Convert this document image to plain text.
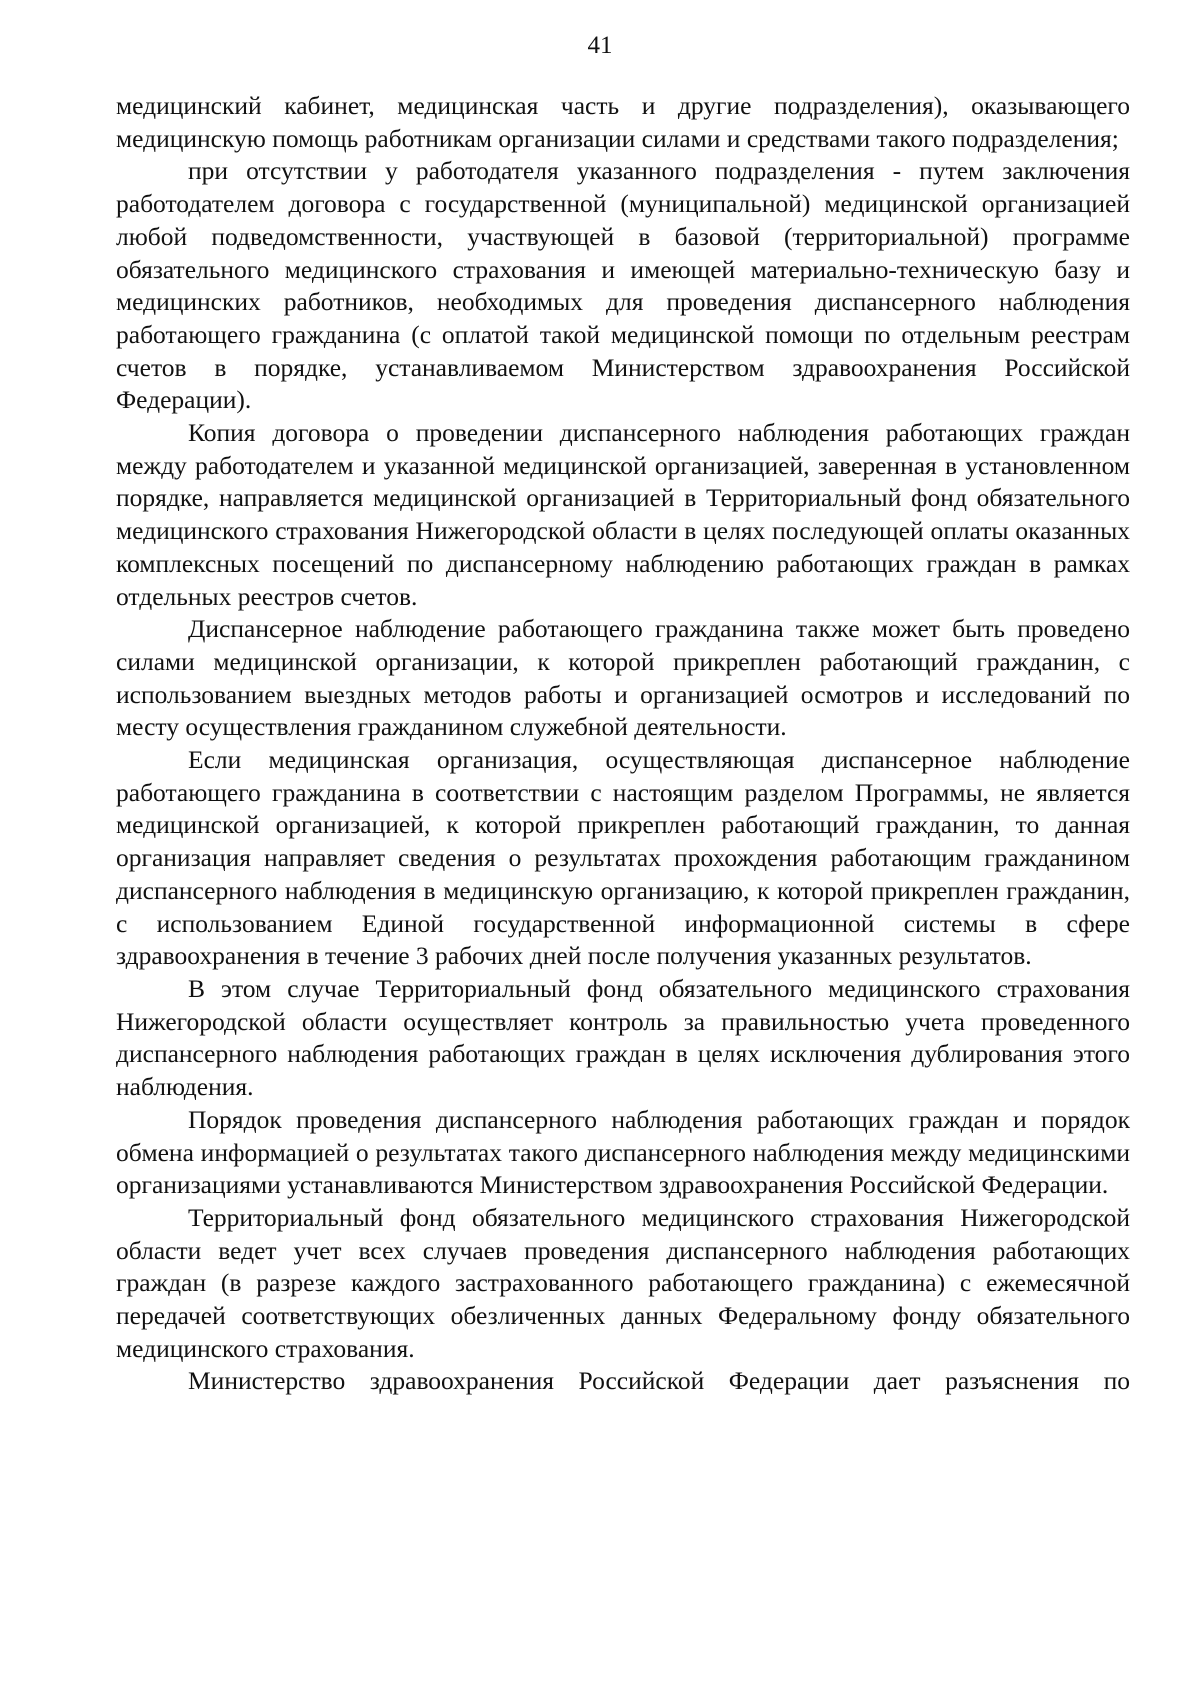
41

медицинский кабинет, медицинская часть и другие подразделения), оказывающего медицинскую помощь работникам организации силами и средствами такого подразделения;

при отсутствии у работодателя указанного подразделения - путем заключения работодателем договора с государственной (муниципальной) медицинской организацией любой подведомственности, участвующей в базовой (территориальной) программе обязательного медицинского страхования и имеющей материально-техническую базу и медицинских работников, необходимых для проведения диспансерного наблюдения работающего гражданина (с оплатой такой медицинской помощи по отдельным реестрам счетов в порядке, устанавливаемом Министерством здравоохранения Российской Федерации).

Копия договора о проведении диспансерного наблюдения работающих граждан между работодателем и указанной медицинской организацией, заверенная в установленном порядке, направляется медицинской организацией в Территориальный фонд обязательного медицинского страхования Нижегородской области в целях последующей оплаты оказанных комплексных посещений по диспансерному наблюдению работающих граждан в рамках отдельных реестров счетов.

Диспансерное наблюдение работающего гражданина также может быть проведено силами медицинской организации, к которой прикреплен работающий гражданин, с использованием выездных методов работы и организацией осмотров и исследований по месту осуществления гражданином служебной деятельности.

Если медицинская организация, осуществляющая диспансерное наблюдение работающего гражданина в соответствии с настоящим разделом Программы, не является медицинской организацией, к которой прикреплен работающий гражданин, то данная организация направляет сведения о результатах прохождения работающим гражданином диспансерного наблюдения в медицинскую организацию, к которой прикреплен гражданин, с использованием Единой государственной информационной системы в сфере здравоохранения в течение 3 рабочих дней после получения указанных результатов.

В этом случае Территориальный фонд обязательного медицинского страхования Нижегородской области осуществляет контроль за правильностью учета проведенного диспансерного наблюдения работающих граждан в целях исключения дублирования этого наблюдения.

Порядок проведения диспансерного наблюдения работающих граждан и порядок обмена информацией о результатах такого диспансерного наблюдения между медицинскими организациями устанавливаются Министерством здравоохранения Российской Федерации.

Территориальный фонд обязательного медицинского страхования Нижегородской области ведет учет всех случаев проведения диспансерного наблюдения работающих граждан (в разрезе каждого застрахованного работающего гражданина) с ежемесячной передачей соответствующих обезличенных данных Федеральному фонду обязательного медицинского страхования.

Министерство здравоохранения Российской Федерации дает разъяснения по
